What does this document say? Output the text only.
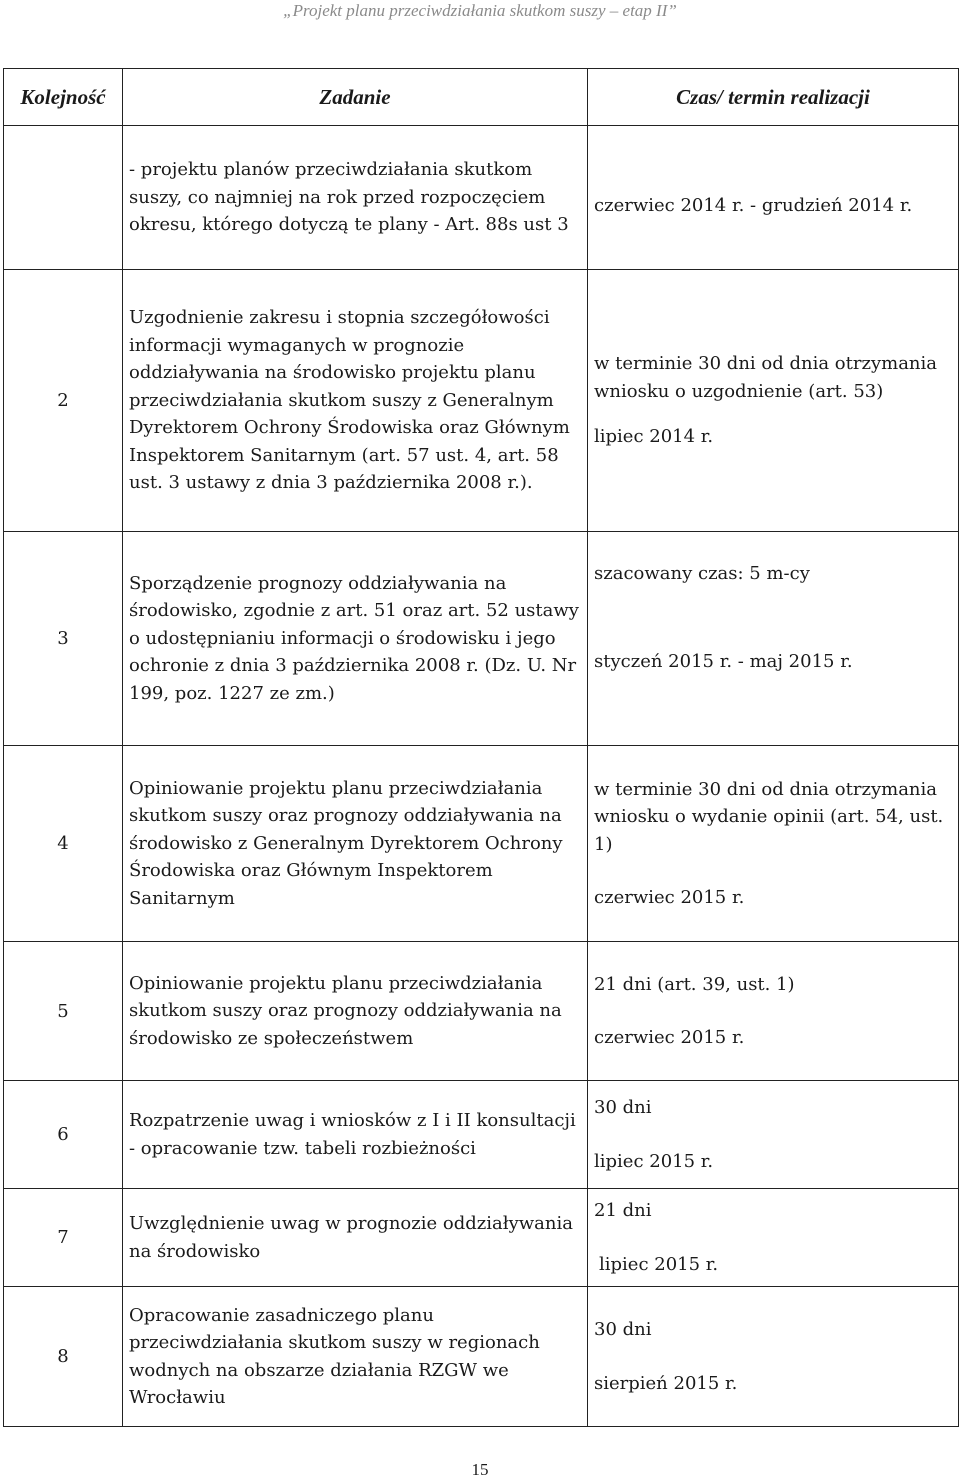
„Projekt planu przeciwdziałania skutkom suszy – etap II”
Kolejność	Zadanie	Czas/ termin realizacji
	- projektu planów przeciwdziałania skutkom suszy, co najmniej na rok przed rozpoczęciem okresu, którego dotyczą te plany - Art. 88s ust 3	czerwiec 2014 r. - grudzień 2014 r.

2	Uzgodnienie zakresu i stopnia szczegółowości informacji wymaganych w prognozie oddziaływania na środowisko projektu planu przeciwdziałania skutkom suszy z Generalnym Dyrektorem Ochrony Środowiska oraz Głównym Inspektorem Sanitarnym (art. 57 ust. 4, art. 58 ust. 3 ustawy z dnia 3 października 2008 r.).	w terminie 30 dni od dnia otrzymania wniosku o uzgodnienie (art. 53)

lipiec 2014 r.

3	Sporządzenie prognozy oddziaływania na środowisko, zgodnie z art. 51 oraz art. 52 ustawy o udostępnianiu informacji o środowisku i jego ochronie z dnia 3 października 2008 r. (Dz. U. Nr 199, poz. 1227 ze zm.)	szacowany czas: 5 m-cy

styczeń 2015 r. - maj 2015 r.

4	Opiniowanie projektu planu przeciwdziałania skutkom suszy oraz prognozy oddziaływania na środowisko z Generalnym Dyrektorem Ochrony Środowiska oraz Głównym Inspektorem Sanitarnym	w terminie 30 dni od dnia otrzymania wniosku o wydanie opinii (art. 54, ust. 1)

czerwiec 2015 r.

5	Opiniowanie projektu planu przeciwdziałania skutkom suszy oraz prognozy oddziaływania na środowisko ze społeczeństwem	21 dni (art. 39, ust. 1)

czerwiec 2015 r.

6	Rozpatrzenie uwag i wniosków z I i II konsultacji - opracowanie tzw. tabeli rozbieżności	30 dni

lipiec 2015 r.

7	Uwzględnienie uwag w prognozie oddziaływania na środowisko	21 dni

lipiec 2015 r.

8	Opracowanie zasadniczego planu przeciwdziałania skutkom suszy w regionach wodnych na obszarze działania RZGW we Wrocławiu	30 dni

sierpień 2015 r.

15
